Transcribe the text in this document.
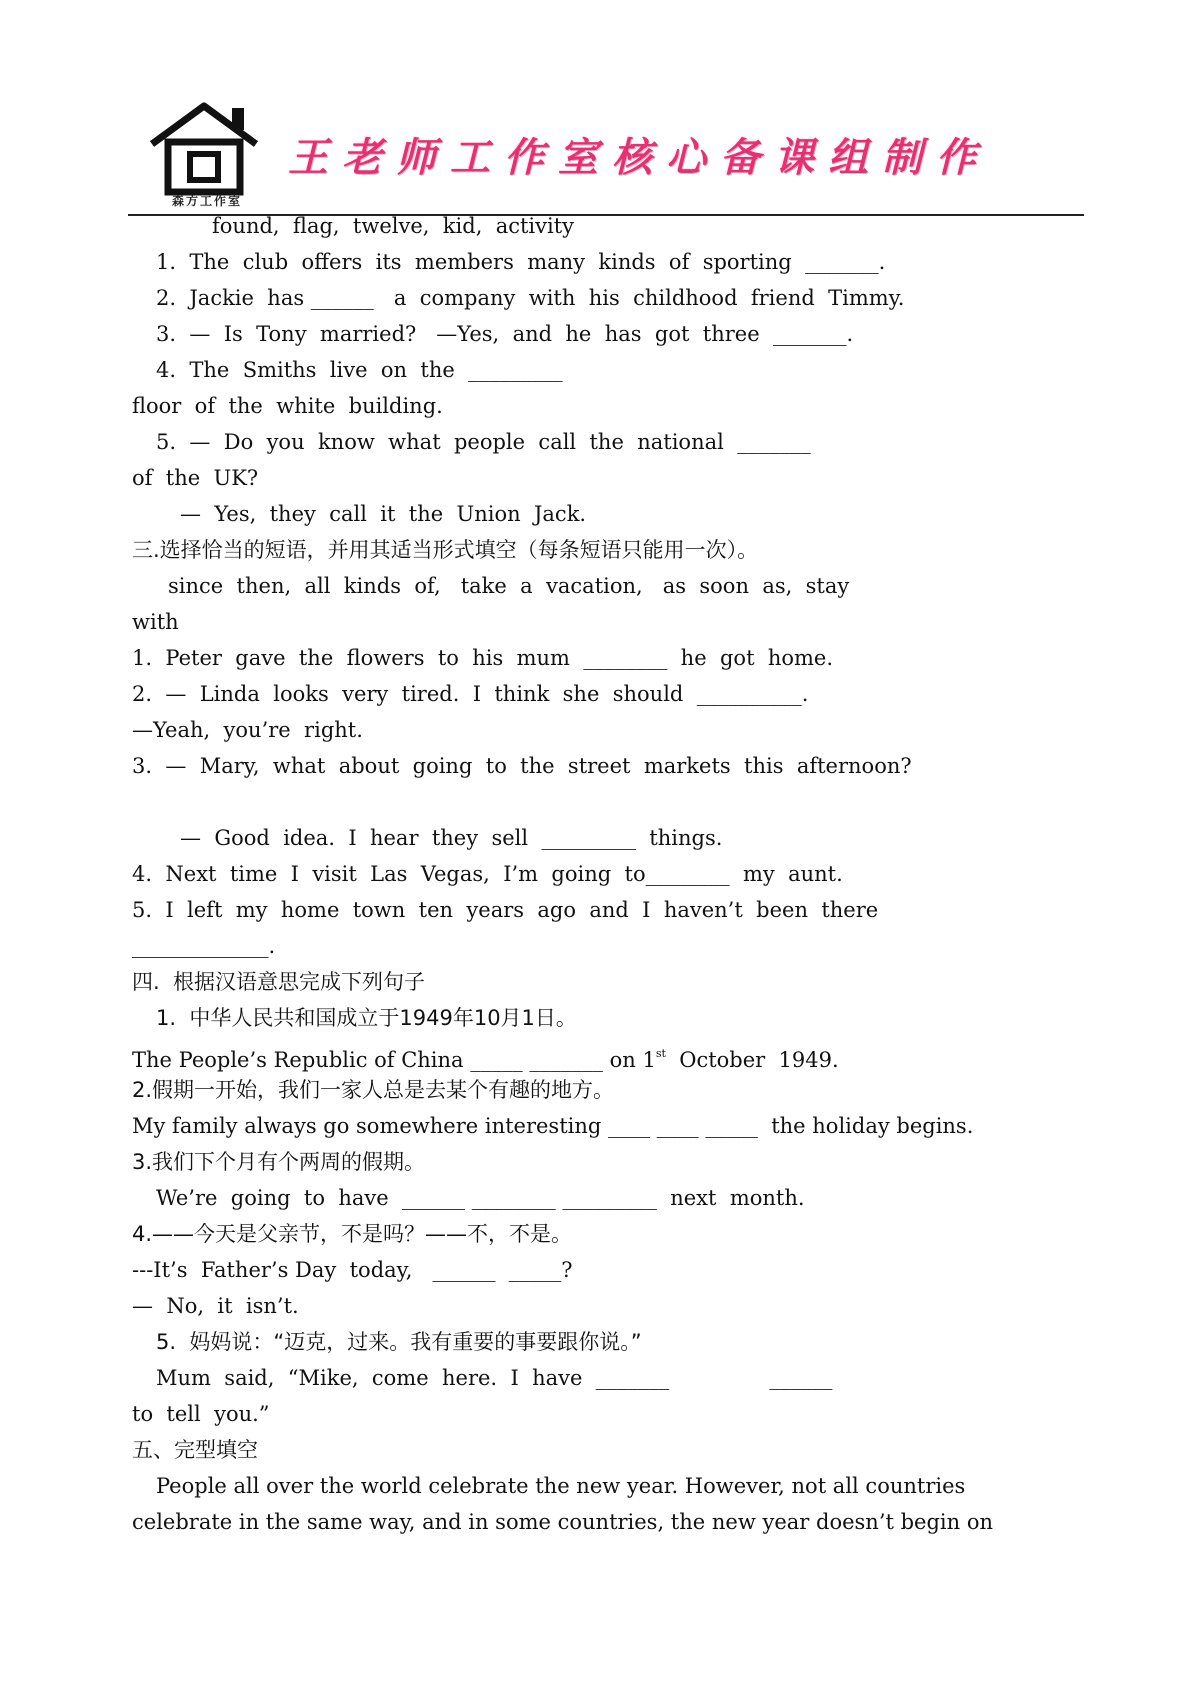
森方工作室
王老师工作室核心备课组制作
found,  flag,  twelve,  kid,  activity
1.  The  club  offers  its  members  many  kinds  of  sporting  _______.
2.  Jackie  has ______   a  company  with  his  childhood  friend  Timmy.
3.  —  Is  Tony  married?   —Yes,  and  he  has  got  three  _______.
4.  The  Smiths  live  on  the  _________
floor  of  the  white  building.
5.  —  Do  you  know  what  people  call  the  national  _______
of  the  UK?
—  Yes,  they  call  it  the  Union  Jack.
三.选择恰当的短语，并用其适当形式填空（每条短语只能用一次）。
since  then,  all  kinds  of,   take  a  vacation,   as  soon  as,  stay
with
1.  Peter  gave  the  flowers  to  his  mum  ________  he  got  home.
2.  —  Linda  looks  very  tired.  I  think  she  should  __________.
—Yeah,  you’re  right.
3.  —  Mary,  what  about  going  to  the  street  markets  this  afternoon?
—  Good  idea.  I  hear  they  sell  _________  things.
4.  Next  time  I  visit  Las  Vegas,  I’m  going  to________  my  aunt.
5.  I  left  my  home  town  ten  years  ago  and  I  haven’t  been  there
_____________.
四.  根据汉语意思完成下列句子
1.  中华人民共和国成立于1949年10月1日。
The People’s Republic of China _____ _______ on 1st  October  1949.
2.假期一开始，我们一家人总是去某个有趣的地方。
My family always go somewhere interesting ____ ____ _____  the holiday begins.
3.我们下个月有个两周的假期。
We’re  going  to  have  ______ ________ _________  next  month.
4.——今天是父亲节，不是吗？——不，不是。
---It’s  Father’s Day  today,   ______  _____?
—  No,  it  isn’t.
5.  妈妈说：“迈克，过来。我有重要的事要跟你说。”
Mum  said,  “Mike,  come  here.  I  have  _______               ______
to  tell  you.”
五、完型填空
People all over the world celebrate the new year. However, not all countries
celebrate in the same way, and in some countries, the new year doesn’t begin on
